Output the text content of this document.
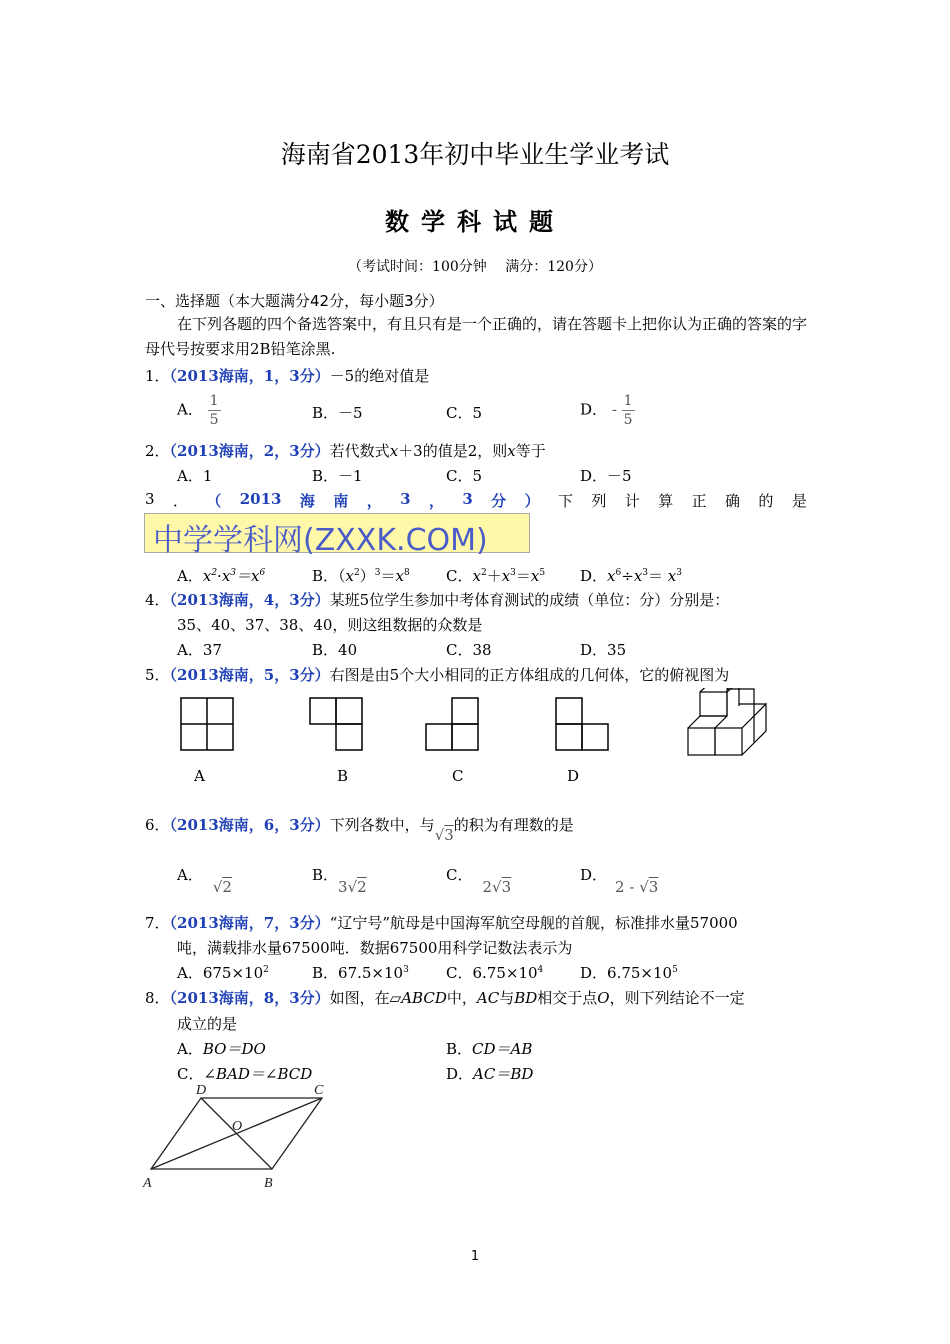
海南省2013年初中毕业生学业考试
数学科试题
（考试时间：100分钟　 满分：120分）
一、选择题（本大题满分42分，每小题3分）
在下列各题的四个备选答案中，有且只有是一个正确的，请在答题卡上把你认为正确的答案的字母代号按要求用2B铅笔涂黑.
1．（2013海南，1，3分）－5的绝对值是
A． $\frac{1}{5}$	B．－5	C．5	D． - $\frac{1}{5}$
2．（2013海南，2，3分）若代数式x＋3的值是2，则x等于
A．1	B．－1	C．5	D．－5
3 ． （ 2013 海 南 ， 3 ， 3 分 ） 下 列 计 算 正 确 的 是
中学学科网(ZXXK.COM)
A．$x^2\cdot x^3=x^6$	B．$(x^2)^3=x^8$ C．$x^2+x^3=x^5$ D．$x^6\div x^3= x^3$
4．（2013海南，4，3分）某班5位学生参加中考体育测试的成绩（单位：分）分别是：
35、40、37、38、40，则这组数据的众数是
A．37	B．40	C．38	D．35
5．（2013海南，5，3分）右图是由5个大小相同的正方体组成的几何体，它的俯视图为
A	B	C	D
6．（2013海南，6，3分）下列各数中，与√3的积为有理数的是
A．√2
B．3√2
C．2√3
D．2 - √3
7．（2013海南，7，3分）“辽宁号”航母是中国海军航空母舰的首舰，标准排水量57000
吨，满载排水量67500吨．数据67500用科学记数法表示为
A．$675\times 10^2$	B．$67.5\times 10^3$ C．$6.75\times 10^4$ D．$6.75\times 10^5$
8．（2013海南，8，3分）如图，在▱ABCD中，AC与BD相交于点O，则下列结论不一定
成立的是
A．BO＝DO	B．CD＝AB
C．∠BAD＝∠BCD	D．AC＝BD
D	C
O
A	B
1
